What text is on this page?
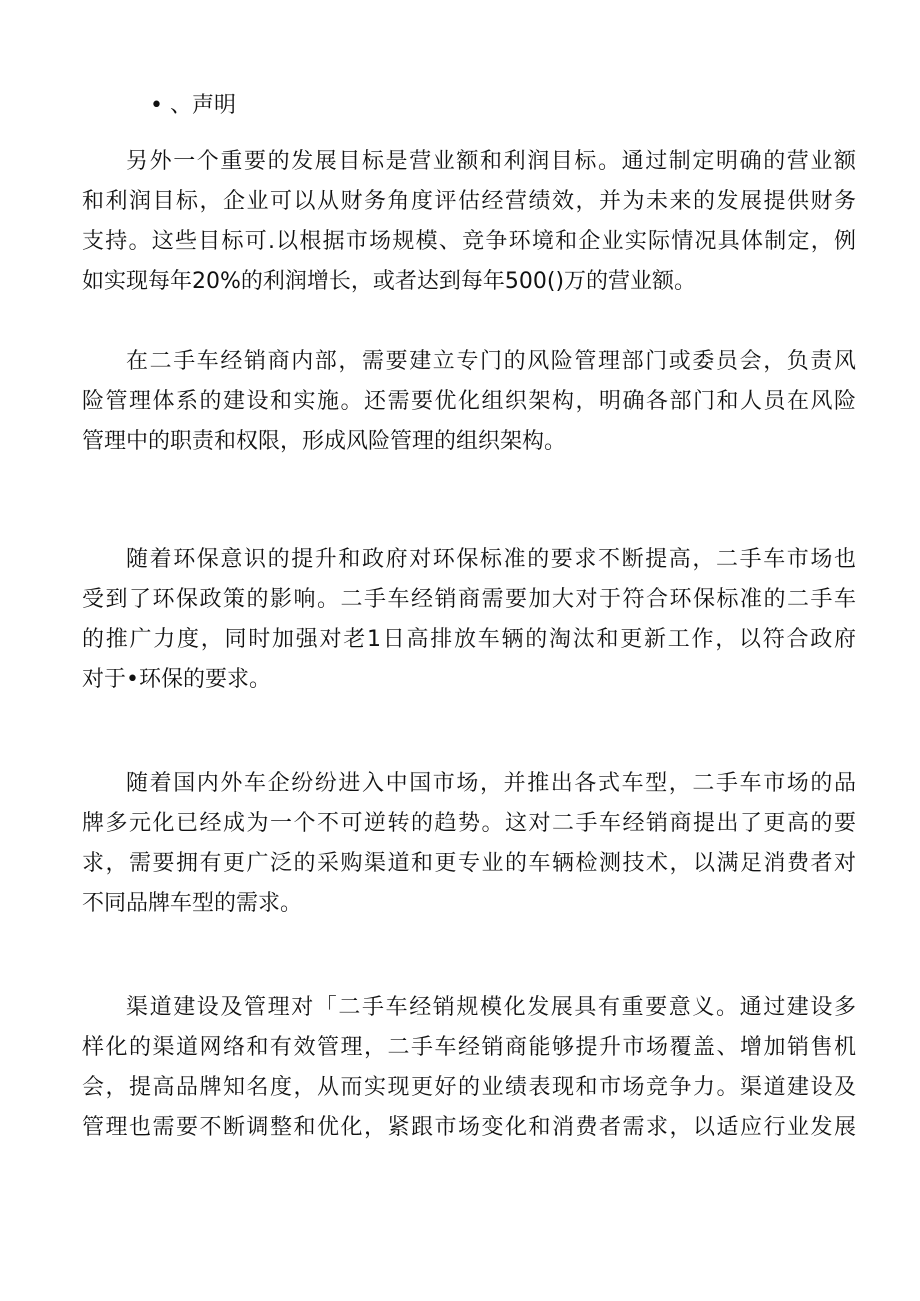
• 、声明
另外一个重要的发展目标是营业额和利润目标。通过制定明确的营业额
和利润目标，企业可以从财务角度评估经营绩效，并为未来的发展提供财务
支持。这些目标可.以根据市场规模、竞争环境和企业实际情况具体制定，例
如实现每年20%的利润增长，或者达到每年500()万的营业额。
在二手车经销商内部，需要建立专门的风险管理部门或委员会，负责风
险管理体系的建设和实施。还需要优化组织架构，明确各部门和人员在风险
管理中的职责和权限，形成风险管理的组织架构。
随着环保意识的提升和政府对环保标准的要求不断提高，二手车市场也
受到了环保政策的影响。二手车经销商需要加大对于符合环保标准的二手车
的推广力度，同时加强对老1日高排放车辆的淘汰和更新工作，以符合政府
对于•环保的要求。
随着国内外车企纷纷进入中国市场，并推出各式车型，二手车市场的品
牌多元化已经成为一个不可逆转的趋势。这对二手车经销商提出了更高的要
求，需要拥有更广泛的采购渠道和更专业的车辆检测技术，以满足消费者对
不同品牌车型的需求。
渠道建设及管理对「二手车经销规模化发展具有重要意义。通过建设多
样化的渠道网络和有效管理，二手车经销商能够提升市场覆盖、增加销售机
会，提高品牌知名度，从而实现更好的业绩表现和市场竞争力。渠道建设及
管理也需要不断调整和优化，紧跟市场变化和消费者需求，以适应行业发展
